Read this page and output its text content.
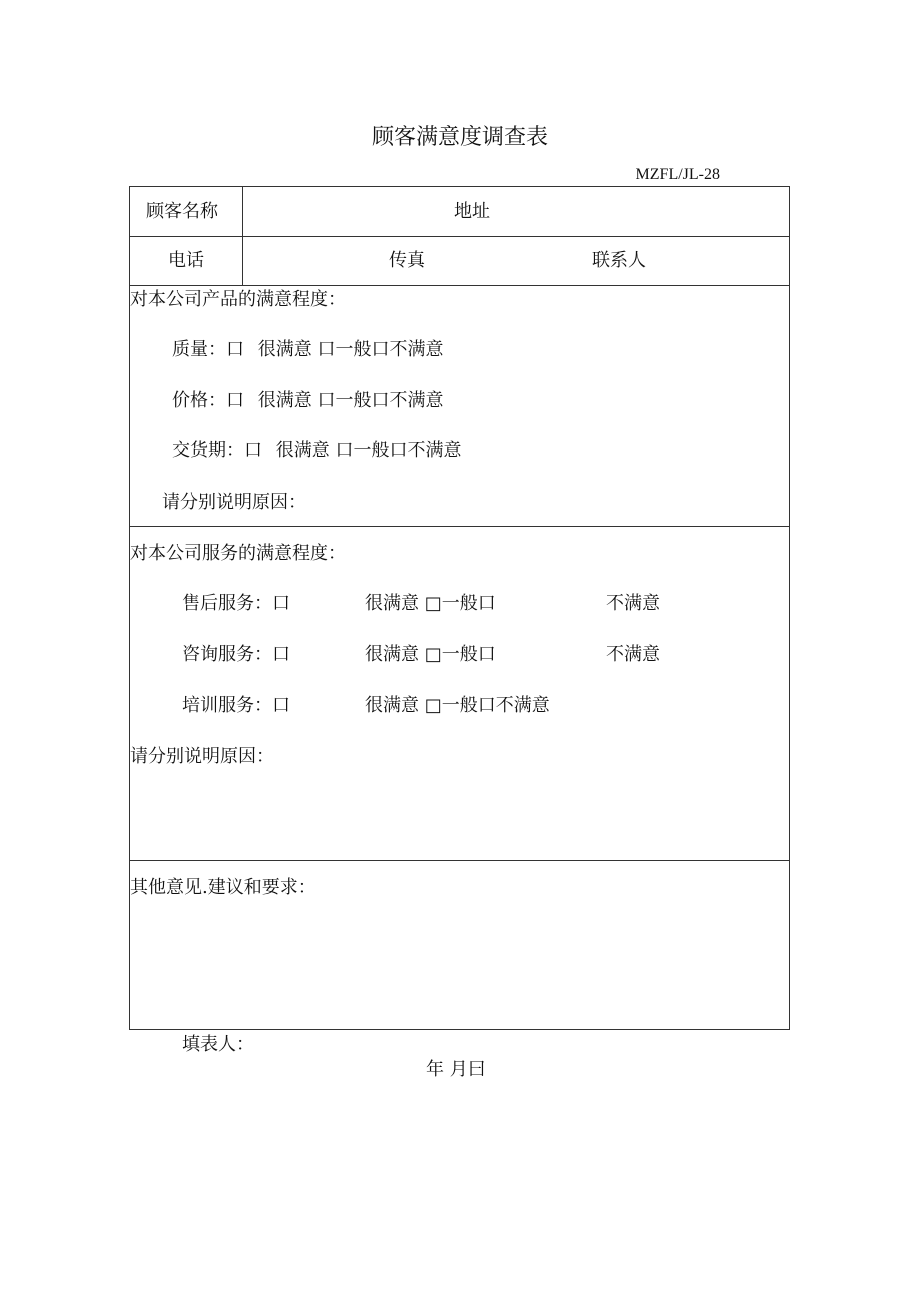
顾客满意度调查表
MZFL/JL-28
顾客名称	地址
电话	传真	联系人
对本公司产品的满意程度：
质量：口 很满意 口一般口不满意
价格：口 很满意 口一般口不满意
交货期：口 很满意 口一般口不满意
请分别说明原因：
对本公司服务的满意程度：
售后服务：口	很满意 □一般口	不满意
咨询服务：口	很满意 □一般口	不满意
培训服务：口	很满意 □一般口不满意
请分别说明原因：
其他意见.建议和要求：
填表人：
年 月曰
